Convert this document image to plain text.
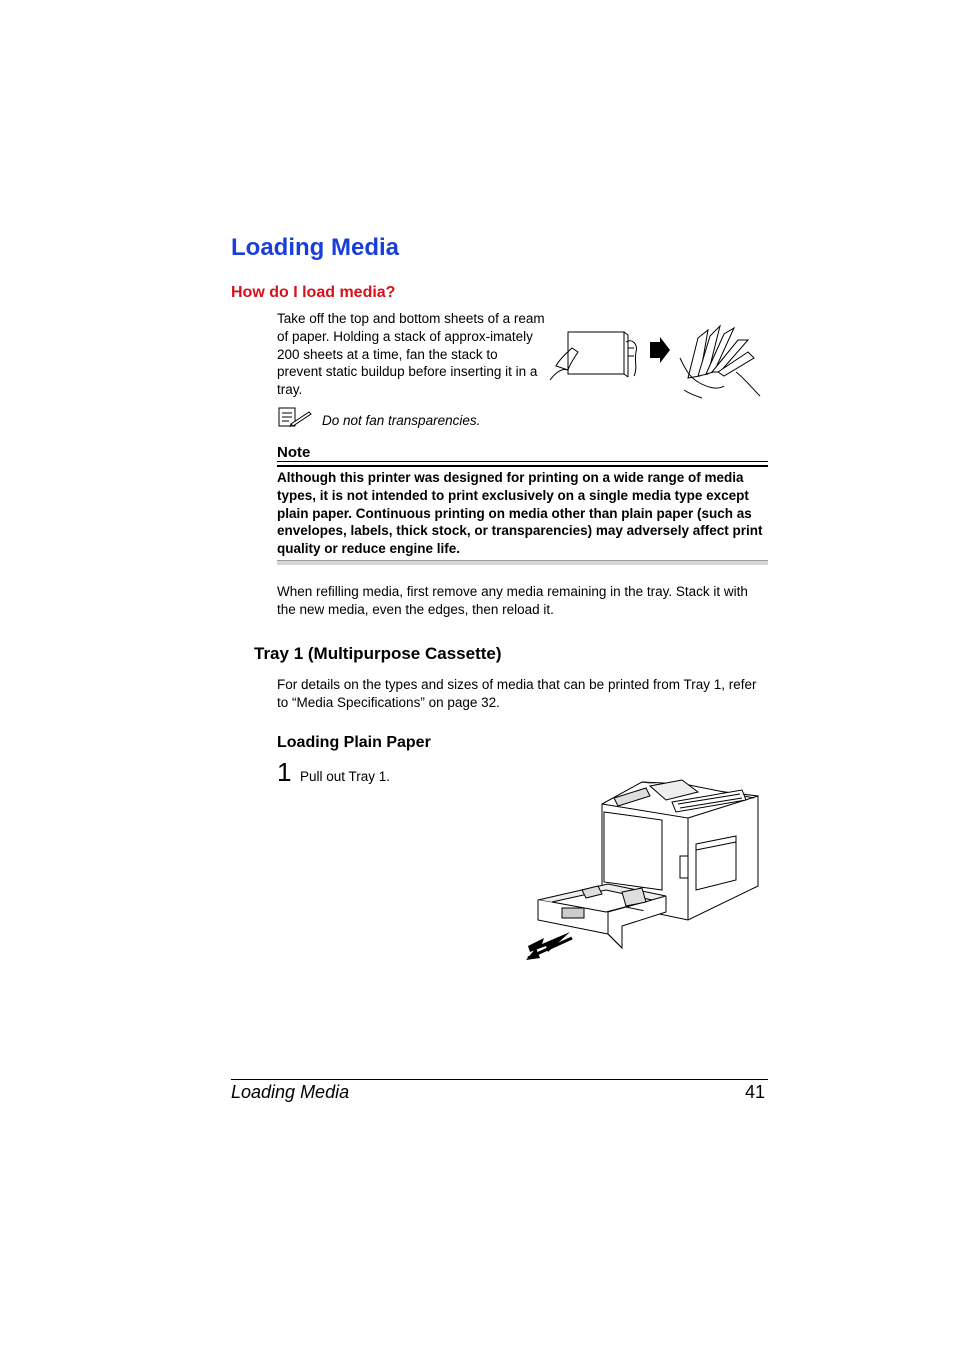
Loading Media
How do I load media?
Take off the top and bottom sheets of a ream of paper. Holding a stack of approx-imately 200 sheets at a time, fan the stack to prevent static buildup before inserting it in a tray.
Do not fan transparencies.
Note
Although this printer was designed for printing on a wide range of media types, it is not intended to print exclusively on a single media type except plain paper. Continuous printing on media other than plain paper (such as envelopes, labels, thick stock, or transparencies) may adversely affect print quality or reduce engine life.
When refilling media, first remove any media remaining in the tray. Stack it with the new media, even the edges, then reload it.
Tray 1 (Multipurpose Cassette)
For details on the types and sizes of media that can be printed from Tray 1, refer to “Media Specifications” on page 32.
Loading Plain Paper
1 Pull out Tray 1.
Loading Media	41
